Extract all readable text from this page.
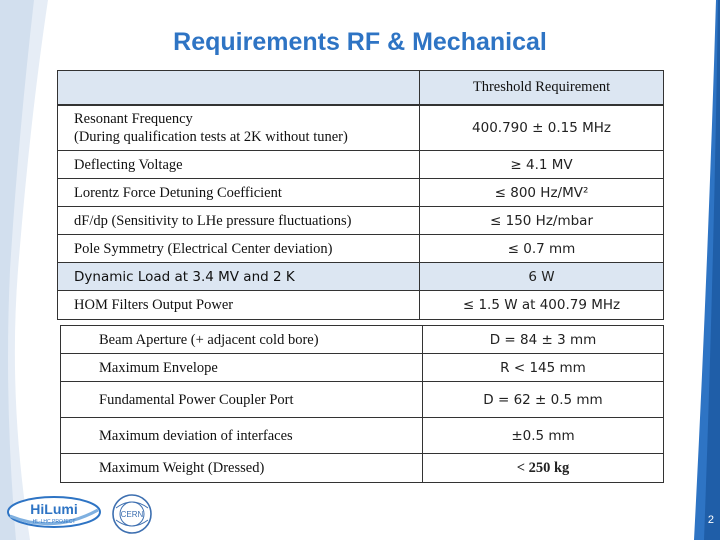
Requirements RF & Mechanical
	Threshold Requirement

Resonant Frequency
(During qualification tests at 2K without tuner)	400.790 ± 0.15 MHz
Deflecting Voltage	≥ 4.1 MV
Lorentz Force Detuning Coefficient	≤ 800 Hz/MV²
dF/dp (Sensitivity to LHe pressure fluctuations)	≤ 150 Hz/mbar
Pole Symmetry (Electrical Center deviation)	≤ 0.7 mm
Dynamic Load at 3.4 MV and 2 K	6 W
HOM Filters Output Power	≤ 1.5 W at 400.79 MHz
Beam Aperture (+ adjacent cold bore)	D = 84 ± 3 mm
Maximum Envelope	R < 145 mm
Fundamental Power Coupler Port	D = 62 ± 0.5 mm
Maximum deviation of interfaces	±0.5 mm
Maximum Weight (Dressed)	< 250 kg
HiLumi
HL-LHC PROJECT
CERN	2
